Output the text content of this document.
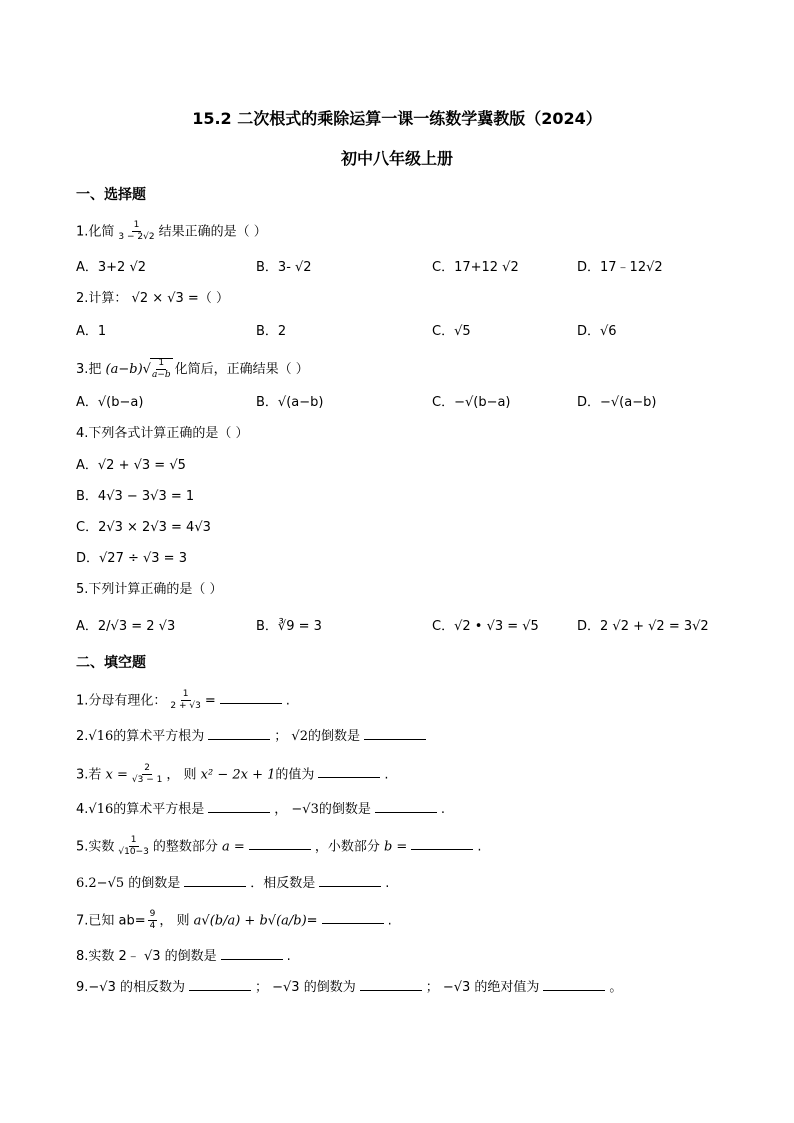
15.2 二次根式的乘除运算一课一练数学冀教版（2024）
初中八年级上册
一、选择题
1.化简 $\frac{1}{3 - 2√2}$ 结果正确的是（ ）
A．3+2 √2	B．3- √2	C．17+12 √2	D．17﹣12√2
2.计算： √2 × √3 =（ ）
A．1	B．2	C．√5	D．√6
3.把 $(a-b)√ \frac{1}{a-b}$ 化简后，正确结果（ ）
A．√(b−a)	B．√(a−b)	C．−√(b−a)	D．−√(a−b)
4.下列各式计算正确的是（ ）
A．√2 + √3 = √5
B．4√3 − 3√3 = 1
C．2√3 × 2√3 = 4√3
D．√27 ÷ √3 = 3
5.下列计算正确的是（ ）
A．2/√3 = 2 √3	B．∛9 = 3	C．√2 • √3 = √5	D．2 √2 + √2 = 3√2
二、填空题
1.分母有理化： $\frac{1}{2 + √3}$ =	.
2.√16的算术平方根为	； √2的倒数是
3.若 $x = \frac{2}{√3 - 1}$ ， 则 x² − 2x + 1的值为	.
4.√16的算术平方根是	， −√3的倒数是	.
5.实数 $\frac{1}{√10-3}$ 的整数部分 a =	，小数部分 b =	.
6.2−√5 的倒数是	．相反数是	.
7.已知 $ab= \frac{9}{4}$ ， 则 a√(b/a) + b√(a/b)=	.
8.实数 2﹣ √3 的倒数是	.
9.−√3 的相反数为	； −√3 的倒数为	； −√3 的绝对值为	。
